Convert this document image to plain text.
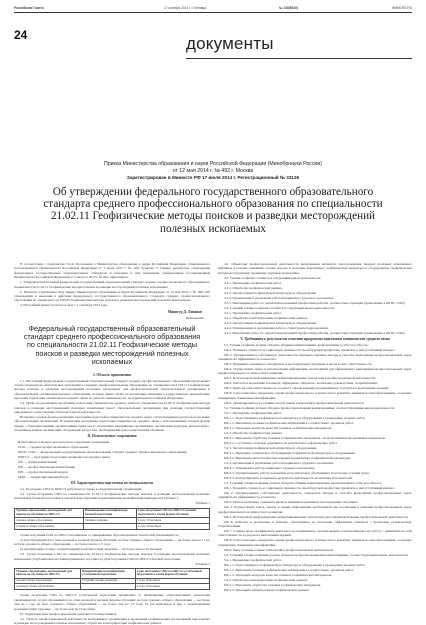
Российская Газета	17 октября 2014 г. • Пятница	№ 238(6510)	WWW.RG.RU
24	документы
Приказ Министерства образования и науки Российской Федерации (Минобрнауки России)
от 12 мая 2014 г. № 492 г. Москва
Зарегистрирован в Минюсте РФ 17 июля 2014 г. Регистрационный № 33126
Об утверждении федерального государственного образовательного стандарта среднего профессионального образования по специальности 21.02.11 Геофизические методы поисков и разведки месторождений полезных ископаемых
В соответствии с подпунктом 5.2.41 Положения о Министерстве образования и науки Российской Федерации, утвержденного постановлением Правительства Российской Федерации от 3 июня 2013 г. № 466, пунктом 17 Правил разработки, утверждения федеральных государственных образовательных стандартов и внесения в них изменений, утвержденных постановлением Правительства Российской Федерации от 5 августа 2013 г. № 661, приказываю:
1. Утвердить прилагаемый федеральный государственный образовательный стандарт среднего профессионального образования по специальности 21.02.11 Геофизические методы поисков и разведки месторождений полезных ископаемых.
2. Признать утратившим силу приказ Министерства образования и науки Российской Федерации от 14 мая 2010 г. № 496 «Об утверждении и введении в действие федерального государственного образовательного стандарта среднего профессионального образования по специальности 130103 Геофизические методы поисков и разведки месторождений полезных ископаемых».
3. Настоящий приказ вступает в силу с 1 сентября 2014 года.
Министр Д. Ливанов
Приложение
Федеральный государственный образовательный стандарт среднего профессионального образования по специальности 21.02.11 Геофизические методы поисков и разведки месторождений полезных ископаемых
I. Область применения
1.1. Настоящий федеральный государственный образовательный стандарт среднего профессионального образования представляет собой совокупность обязательных требований к среднему профессиональному образованию по специальности 21.02.11 Геофизические методы поисков и разведки месторождений полезных ископаемых для профессиональной образовательной организации и образовательной организации высшего образования, которые имеют право на реализацию имеющих государственную аккредитацию программ подготовки специалистов среднего звена по данной специальности, на территории Российской Федерации.
1.2. Право на реализацию программы подготовки специалистов среднего звена по специальности 21.02.11 Геофизические методы поисков и разведки месторождений полезных ископаемых имеет образовательная организация при наличии соответствующей лицензии на осуществление образовательной деятельности.
Возможна сетевая форма реализации программы подготовки специалистов среднего звена с использованием ресурсов нескольких образовательных организаций. В реализации программы подготовки специалистов среднего звена с использованием сетевой формы наряду с образовательными организациями также могут участвовать медицинские организации, организации культуры, физкультурно-спортивные и иные организации, обладающие ресурсами, необходимыми для осуществления обучения.
II. Используемые сокращения
В настоящем стандарте используются следующие сокращения:
СПО — среднее профессиональное образование;
ФГОС СПО — федеральный государственный образовательный стандарт среднего профессионального образования;
ППССЗ — программа подготовки специалистов среднего звена;
ОК — общая компетенция;
ПК — профессиональная компетенция;
ПМ — профессиональный модуль;
МДК — междисциплинарный курс.
III. Характеристика подготовки по специальности
3.1. Получение СПО по ППССЗ допускается только в образовательной организации.
3.2. Сроки получения СПО по специальности 21.02.11 Геофизические методы поисков и разведки месторождений полезных ископаемых базовой подготовки в очной форме обучения и присваиваемая квалификация приводятся в Таблице 1.
Таблица 1
Уровень образования, необходимый для приема на обучение по ППССЗ	Наименование квалификации базовой подготовки	Срок получения СПО по ППССЗ базовой подготовки в очной форме обучения
среднее общее образование	Техник-геофизик	2 года 10 месяцев
основное общее образование		3 года 10 месяцев
Сроки получения СПО по ППССЗ независимо от применяемых образовательных технологий увеличиваются:
а) для обучающихся по очно-заочной и заочной формам обучения: на базе среднего общего образования — не более чем на 1 год; на базе основного общего образования — не более чем на 1,5 года;
б) для инвалидов и лиц с ограниченными возможностями здоровья — не более чем на 10 месяцев.
3.3. Сроки получения СПО по специальности 21.02.11 Геофизические методы поисков и разведки месторождений полезных ископаемых углубленной подготовки превышают на один год срок получения СПО по ППССЗ базовой подготовки.
Таблица 2
Уровень образования, необходимый для приема на обучение по ППССЗ	Наименование квалификации углубленной подготовки	Срок получения СПО по ППССЗ углубленной подготовки в очной форме обучения
среднее общее образование	Старший техник-геофизик	3 года 10 месяцев
основное общее образование		4 года 10 месяцев
Сроки получения СПО по ППССЗ углубленной подготовки независимо от применяемых образовательных технологий увеличиваются: а) для обучающихся по очно-заочной и заочной формам обучения: на базе среднего общего образования — не более чем на 1 год; на базе основного общего образования — не более чем на 1,5 года; б) для инвалидов и лиц с ограниченными возможностями здоровья — не более чем на 10 месяцев.
IV. Характеристика профессиональной деятельности выпускников
4.1. Область профессиональной деятельности выпускников: организация и проведение геофизических исследований при поисках и разведке месторождений полезных ископаемых; обработка и интерпретация геофизических данных.
4.2. Объектами профессиональной деятельности выпускников являются: месторождения твердых полезных ископаемых; нефтяные и газовые скважины; горные породы и полезные ископаемые; геофизическая аппаратура и оборудование; геофизические методы исследования; первичные трудовые коллективы.
4.3. Техник-геофизик готовится к следующим видам деятельности:
4.3.1. Проведение геофизических работ.
4.3.2. Обработка геофизических данных.
4.3.3. Эксплуатация геофизической аппаратуры и оборудования.
4.3.4. Организация и управление работой первичного трудового коллектива.
4.3.5. Выполнение работ по одной или нескольким профессиям рабочих, должностям служащих (приложение к ФГОС СПО).
4.4. Старший техник-геофизик готовится к следующим видам деятельности:
4.4.1. Проведение геофизических работ.
4.4.2. Обработка и интерпретация геофизических данных.
4.4.3. Эксплуатация геофизической аппаратуры и оборудования.
4.4.4. Планирование и организация работ в структурном подразделении.
4.4.5. Выполнение работ по одной или нескольким профессиям рабочих, должностям служащих (приложение к ФГОС СПО).
V. Требования к результатам освоения программы подготовки специалистов среднего звена
5.1. Техник-геофизик должен обладать общими компетенциями, включающими в себя способность:
ОК 1. Понимать сущность и социальную значимость своей будущей профессии, проявлять к ней устойчивый интерес.
ОК 2. Организовывать собственную деятельность, выбирать типовые методы и способы выполнения профессиональных задач, оценивать их эффективность и качество.
ОК 3. Принимать решения в стандартных и нестандартных ситуациях и нести за них ответственность.
ОК 4. Осуществлять поиск и использование информации, необходимой для эффективного выполнения профессиональных задач, профессионального и личностного развития.
ОК 5. Использовать информационно-коммуникационные технологии в профессиональной деятельности.
ОК 6. Работать в коллективе и команде, эффективно общаться с коллегами, руководством, потребителями.
ОК 7. Брать на себя ответственность за работу членов команды (подчиненных), за результат выполнения заданий.
ОК 8. Самостоятельно определять задачи профессионального и личностного развития, заниматься самообразованием, осознанно планировать повышение квалификации.
ОК 9. Ориентироваться в условиях частой смены технологий в профессиональной деятельности.
5.2. Техник-геофизик должен обладать профессиональными компетенциями, соответствующими видам деятельности:
5.2.1. Проведение геофизических работ.
ПК 1.1. Подготавливать геофизическую аппаратуру и оборудование к проведению полевых работ.
ПК 1.2. Выполнять полевые геофизические наблюдения в соответствии с проектом работ.
ПК 1.3. Проводить контроль качества полевых геофизических материалов.
5.2.2. Обработка геофизических данных.
ПК 2.1. Выполнять обработку полевых геофизических материалов с использованием программных комплексов.
ПК 2.2. Составлять отчетные документы по результатам геофизических работ.
5.2.3. Эксплуатация геофизической аппаратуры и оборудования.
ПК 3.1. Проводить техническое обслуживание геофизической аппаратуры и оборудования.
ПК 3.2. Выполнять метрологические поверки и калибровку геофизической аппаратуры.
5.2.4. Организация и управление работой первичного трудового коллектива.
ПК 4.1. Планировать работу первичного трудового коллектива.
ПК 4.2. Организовывать работу коллектива исполнителей и обеспечивать безопасные условия труда.
ПК 4.3. Контролировать и оценивать результаты деятельности коллектива исполнителей.
5.3. Старший техник-геофизик должен обладать общими компетенциями, включающими в себя способность:
ОК 1. Понимать сущность и социальную значимость своей будущей профессии, проявлять к ней устойчивый интерес.
ОК 2. Организовывать собственную деятельность, определять методы и способы выполнения профессиональных задач, оценивать их эффективность и качество.
ОК 3. Решать проблемы, оценивать риски и принимать решения в нестандартных ситуациях.
ОК 4. Осуществлять поиск, анализ и оценку информации, необходимой для постановки и решения профессиональных задач, профессионального и личностного развития.
ОК 5. Использовать информационно-коммуникационные технологии для совершенствования профессиональной деятельности.
ОК 6. Работать в коллективе и команде, обеспечивать ее сплочение, эффективно общаться с коллегами, руководством, потребителями.
ОК 7. Ставить цели, мотивировать деятельность подчиненных, организовывать и контролировать их работу с принятием на себя ответственности за результат выполнения заданий.
ОК 8. Самостоятельно определять задачи профессионального и личностного развития, заниматься самообразованием, осознанно планировать повышение квалификации.
ОК 9. Быть готовым к смене технологий в профессиональной деятельности.
5.4. Старший техник-геофизик должен обладать профессиональными компетенциями, соответствующими видам деятельности:
5.4.1. Проведение геофизических работ.
ПК 1.1. Подготавливать геофизическую аппаратуру и оборудование к проведению полевых работ.
ПК 1.2. Выполнять полевые геофизические наблюдения в соответствии с проектом работ.
ПК 1.3. Проводить контроль качества полевых геофизических материалов.
5.4.2. Обработка и интерпретация геофизических данных.
ПК 2.1. Выполнять обработку полевых геофизических материалов.
ПК 2.2. Проводить интерпретацию геофизических данных.
